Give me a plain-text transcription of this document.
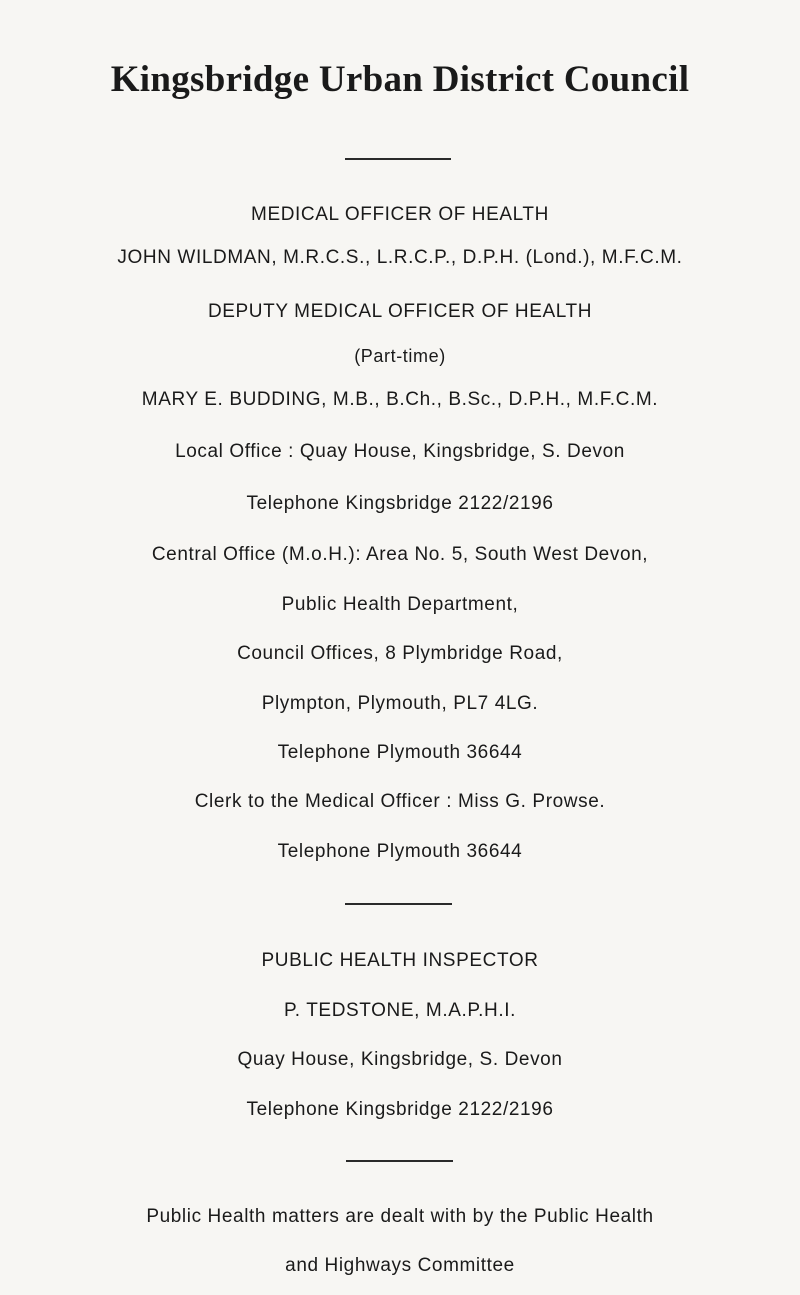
Kingsbridge Urban District Council
MEDICAL OFFICER OF HEALTH
JOHN WILDMAN, M.R.C.S., L.R.C.P., D.P.H. (Lond.), M.F.C.M.
DEPUTY MEDICAL OFFICER OF HEALTH
(Part-time)
MARY E. BUDDING, M.B., B.Ch., B.Sc., D.P.H., M.F.C.M.
Local Office : Quay House, Kingsbridge, S. Devon
Telephone Kingsbridge 2122/2196
Central Office (M.o.H.): Area No. 5, South West Devon,
Public Health Department,
Council Offices, 8 Plymbridge Road,
Plympton, Plymouth, PL7 4LG.
Telephone Plymouth 36644
Clerk to the Medical Officer : Miss G. Prowse.
Telephone Plymouth 36644
PUBLIC HEALTH INSPECTOR
P. TEDSTONE, M.A.P.H.I.
Quay House, Kingsbridge, S. Devon
Telephone Kingsbridge 2122/2196
Public Health matters are dealt with by the Public Health
and Highways Committee
